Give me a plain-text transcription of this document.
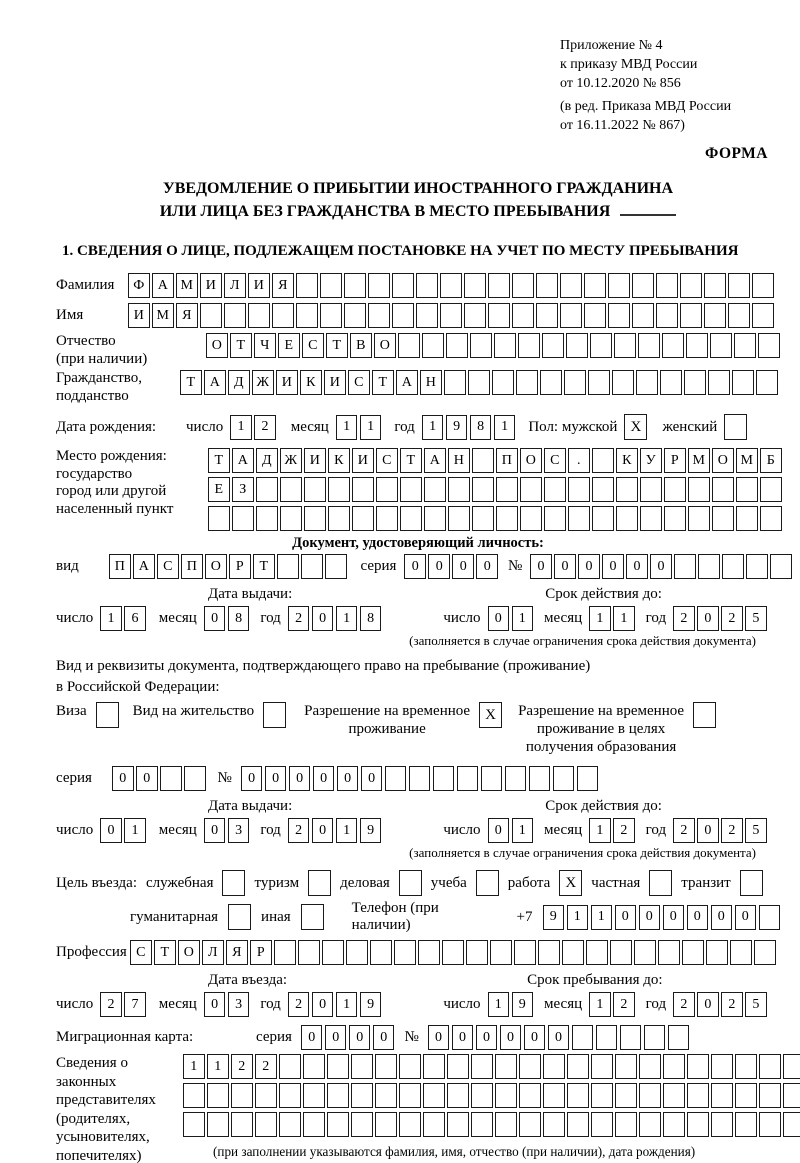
Приложение № 4
к приказу МВД России
от 10.12.2020 № 856
(в ред. Приказа МВД России
от 16.11.2022 № 867)
ФОРМА
УВЕДОМЛЕНИЕ О ПРИБЫТИИ ИНОСТРАННОГО ГРАЖДАНИНА
ИЛИ ЛИЦА БЕЗ ГРАЖДАНСТВА В МЕСТО ПРЕБЫВАНИЯ
1. СВЕДЕНИЯ О ЛИЦЕ, ПОДЛЕЖАЩЕМ ПОСТАНОВКЕ НА УЧЕТ ПО МЕСТУ ПРЕБЫВАНИЯ
Фамилия	Ф А М И	Л	И	Я
Имя	И М Я
Отчество
(при наличии)
О	Т	Ч	Е	С	Т	В	О
Гражданство,
подданство
Т	А	Д Ж И	К	И	С	Т	А Н
Дата рождения:	число	1	2	месяц	1	1	год	1	9	8	1	Пол: мужской X	женский
Место рождения:
государство
город или другой
населенный пункт
Т	А	Д Ж И	К	И	С	Т	А Н	П О	С	.	К	У	Р М О М Б
Е	З
Документ, удостоверяющий личность:
вид	П А	С	П О	Р	Т	серия	0	0	0	0	№	0	0	0	0	0	0
Дата выдачи:	Срок действия до:
число	1	6	месяц	0	8	год	2	0	1	8	число	0	1	месяц	1	1	год	2	0	2	5
(заполняется в случае ограничения срока действия документа)
Вид и реквизиты документа, подтверждающего право на пребывание (проживание)
в Российской Федерации:
Виза	Вид на жительство	Разрешение на временное
проживание
X	Разрешение на временное
проживание в целях
получения образования
серия	0	0	№	0	0	0	0	0	0
Дата выдачи:	Срок действия до:
число	0	1	месяц	0	3	год	2	0	1	9	число	0	1	месяц	1	2	год	2	0	2	5
(заполняется в случае ограничения срока действия документа)
Цель въезда: служебная	туризм	деловая	учеба	работа	X	частная	транзит
гуманитарная	иная
Телефон (при наличии)
+7	9	1	1	0	0	0	0	0	0
Профессия С	Т	О	Л	Я	Р
Дата въезда:	Срок пребывания до:
число	2	7	месяц	0	3	год	2	0	1	9	число	1	9	месяц	1	2	год	2	0	2	5
Миграционная карта:	серия	0	0	0	0	№	0	0	0	0	0	0
Сведения о
законных
представителях
(родителях,
усыновителях,
попечителях)
1	1	2	2
(при заполнении указываются фамилия, имя, отчество (при наличии), дата рождения)
